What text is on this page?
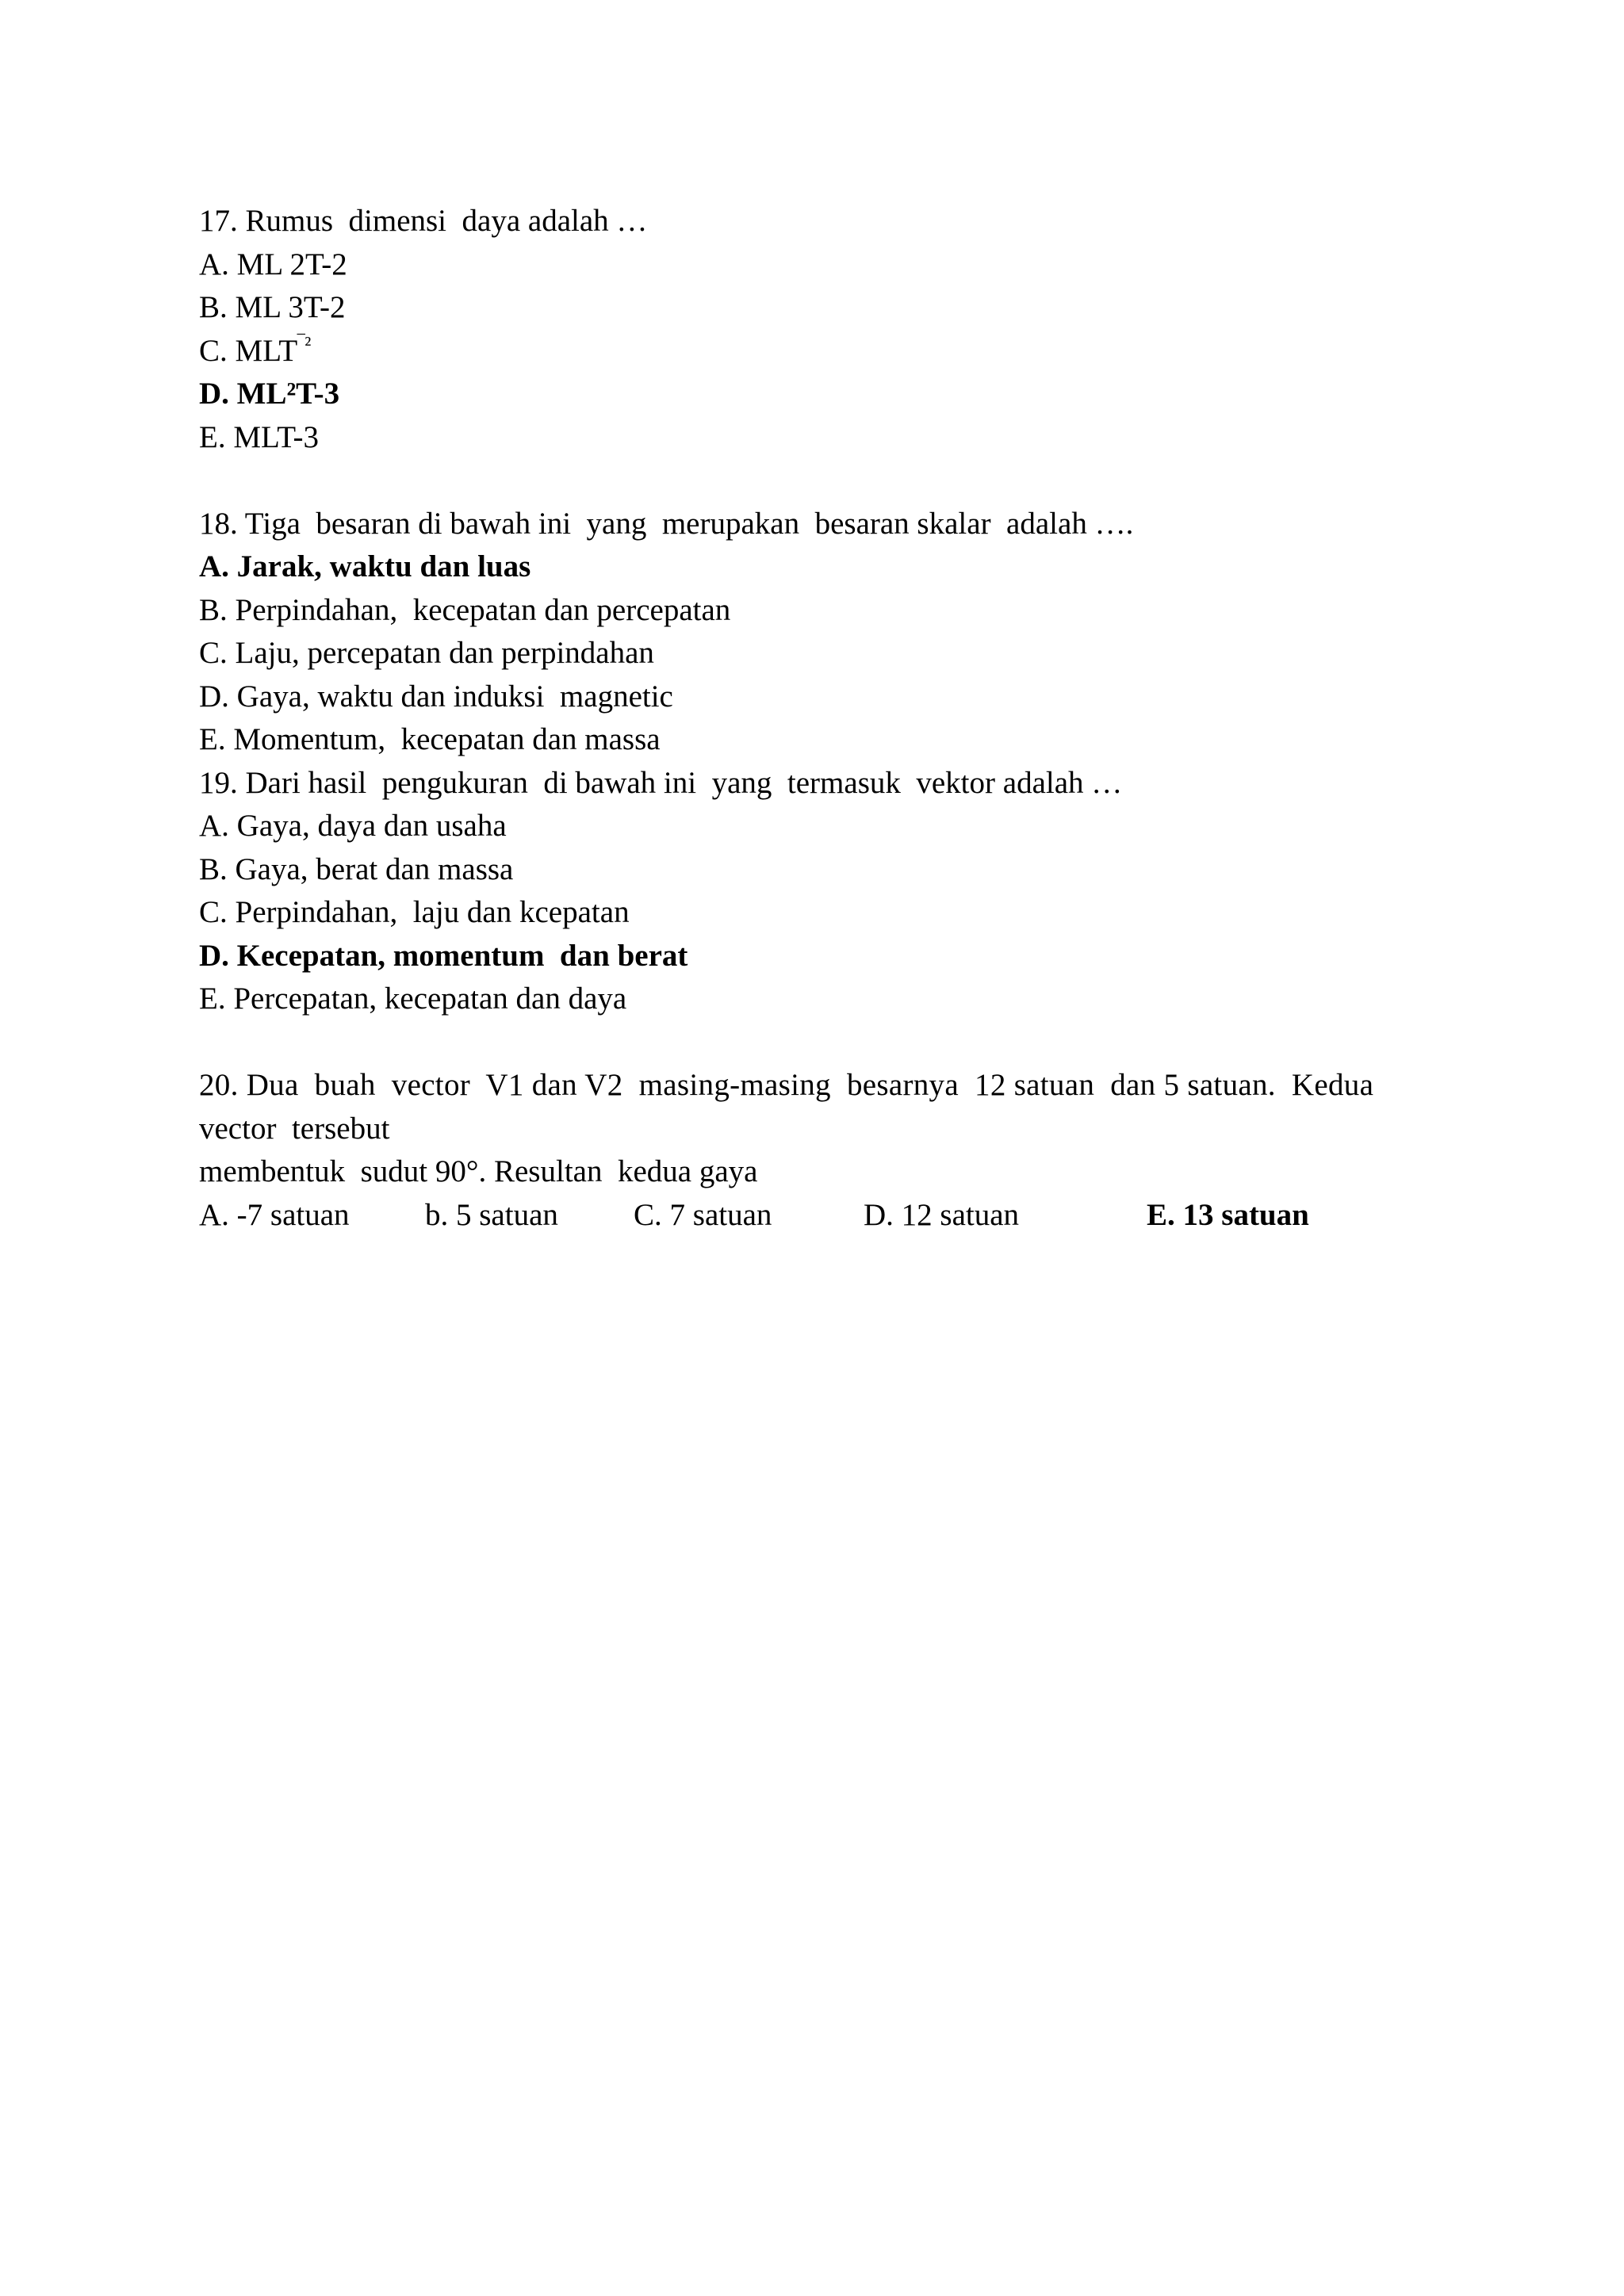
17. Rumus  dimensi  daya adalah …
A. ML 2T-2
B. ML 3T-2
C. $MLT^{‾^2}$
D. ML²T-3
E. MLT-3
18. Tiga  besaran di bawah ini  yang  merupakan  besaran skalar  adalah ….
A. Jarak, waktu dan luas
B. Perpindahan,  kecepatan dan percepatan
C. Laju, percepatan dan perpindahan
D. Gaya, waktu dan induksi  magnetic
E. Momentum,  kecepatan dan massa
19. Dari hasil  pengukuran  di bawah ini  yang  termasuk  vektor adalah …
A. Gaya, daya dan usaha
B. Gaya, berat dan massa
C. Perpindahan,  laju dan kcepatan
D. Kecepatan, momentum  dan berat
E. Percepatan, kecepatan dan daya
20. Dua  buah  vector  V1 dan V2  masing-masing  besarnya  12 satuan  dan 5 satuan.  Kedua
vector  tersebut
membentuk  sudut 90°. Resultan  kedua gaya
A. -7 satuan b. 5 satuan C. 7 satuan	D. 12 satuan	E. 13 satuan
